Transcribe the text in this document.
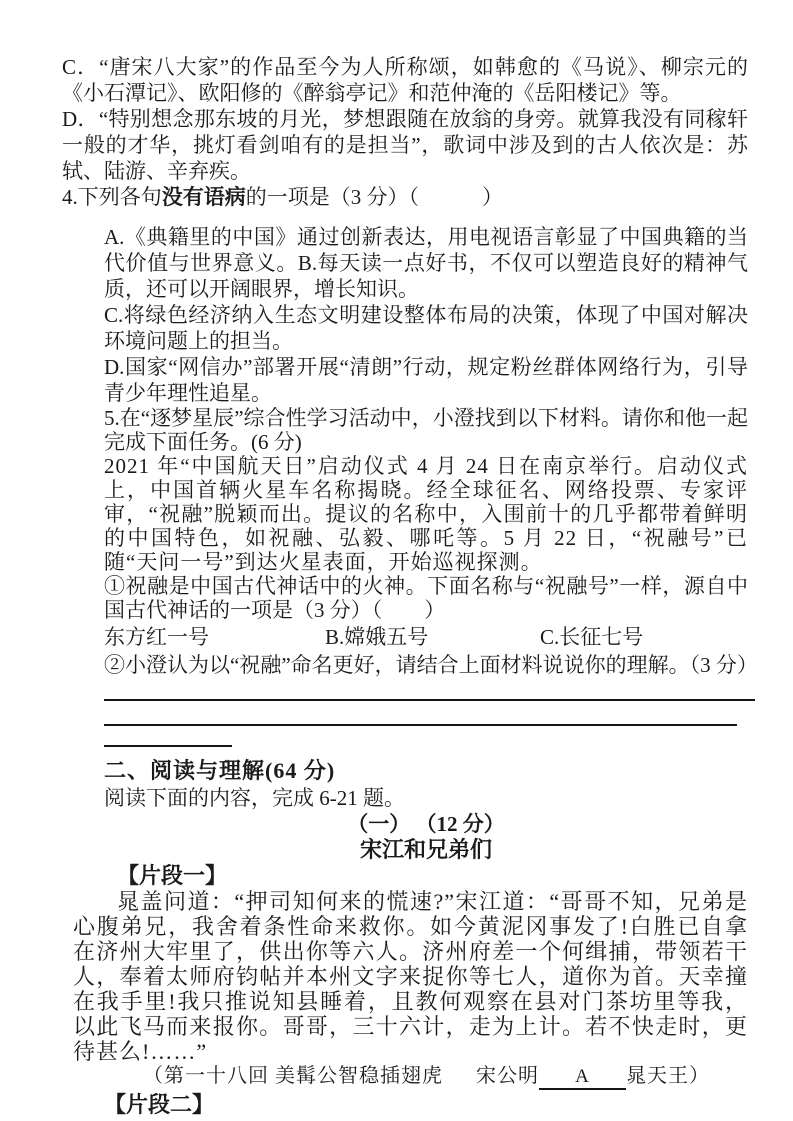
C．“唐宋八大家”的作品至今为人所称颂，如韩愈的《马说》、柳宗元的《小石潭记》、欧阳修的《醉翁亭记》和范仲淹的《岳阳楼记》等。

D．“特别想念那东坡的月光，梦想跟随在放翁的身旁。就算我没有同稼轩一般的才华，挑灯看剑咱有的是担当”，歌词中涉及到的古人依次是：苏轼、陆游、辛弃疾。

4.下列各句没有语病的一项是（3 分）（　　　）

A.《典籍里的中国》通过创新表达，用电视语言彰显了中国典籍的当代价值与世界意义。B.每天读一点好书，不仅可以塑造良好的精神气质，还可以开阔眼界，增长知识。

C.将绿色经济纳入生态文明建设整体布局的决策，体现了中国对解决环境问题上的担当。

D.国家“网信办”部署开展“清朗”行动，规定粉丝群体网络行为，引导青少年理性追星。

5.在“逐梦星辰”综合性学习活动中，小澄找到以下材料。请你和他一起完成下面任务。(6 分)

2021 年“中国航天日”启动仪式 4 月 24 日在南京举行。启动仪式上，中国首辆火星车名称揭晓。经全球征名、网络投票、专家评审，“祝融”脱颖而出。提议的名称中，入围前十的几乎都带着鲜明的中国特色，如祝融、弘毅、哪吒等。5 月 22 日，“祝融号”已随“天问一号”到达火星表面，开始巡视探测。

①祝融是中国古代神话中的火神。下面名称与“祝融号”一样，源自中国古代神话的一项是（3 分）（　　）

东方红一号	B.嫦娥五号	C.长征七号

②小澄认为以“祝融”命名更好，请结合上面材料说说你的理解。（3 分）

二、阅读与理解(64 分)

阅读下面的内容，完成 6-21 题。

（一） （12 分）

宋江和兄弟们

【片段一】

晁盖问道：“押司知何来的慌速?”宋江道：“哥哥不知，兄弟是心腹弟兄，我舍着条性命来救你。如今黄泥冈事发了!白胜已自拿在济州大牢里了，供出你等六人。济州府差一个何缉捕，带领若干人，奉着太师府钧帖并本州文字来捉你等七人，道你为首。天幸撞在我手里!我只推说知县睡着，且教何观察在县对门茶坊里等我，以此飞马而来报你。哥哥，三十六计，走为上计。若不快走时，更待甚么!……”

（第一十八回 美髯公智稳插翅虎 宋公明 A 晁天王）

【片段二】
